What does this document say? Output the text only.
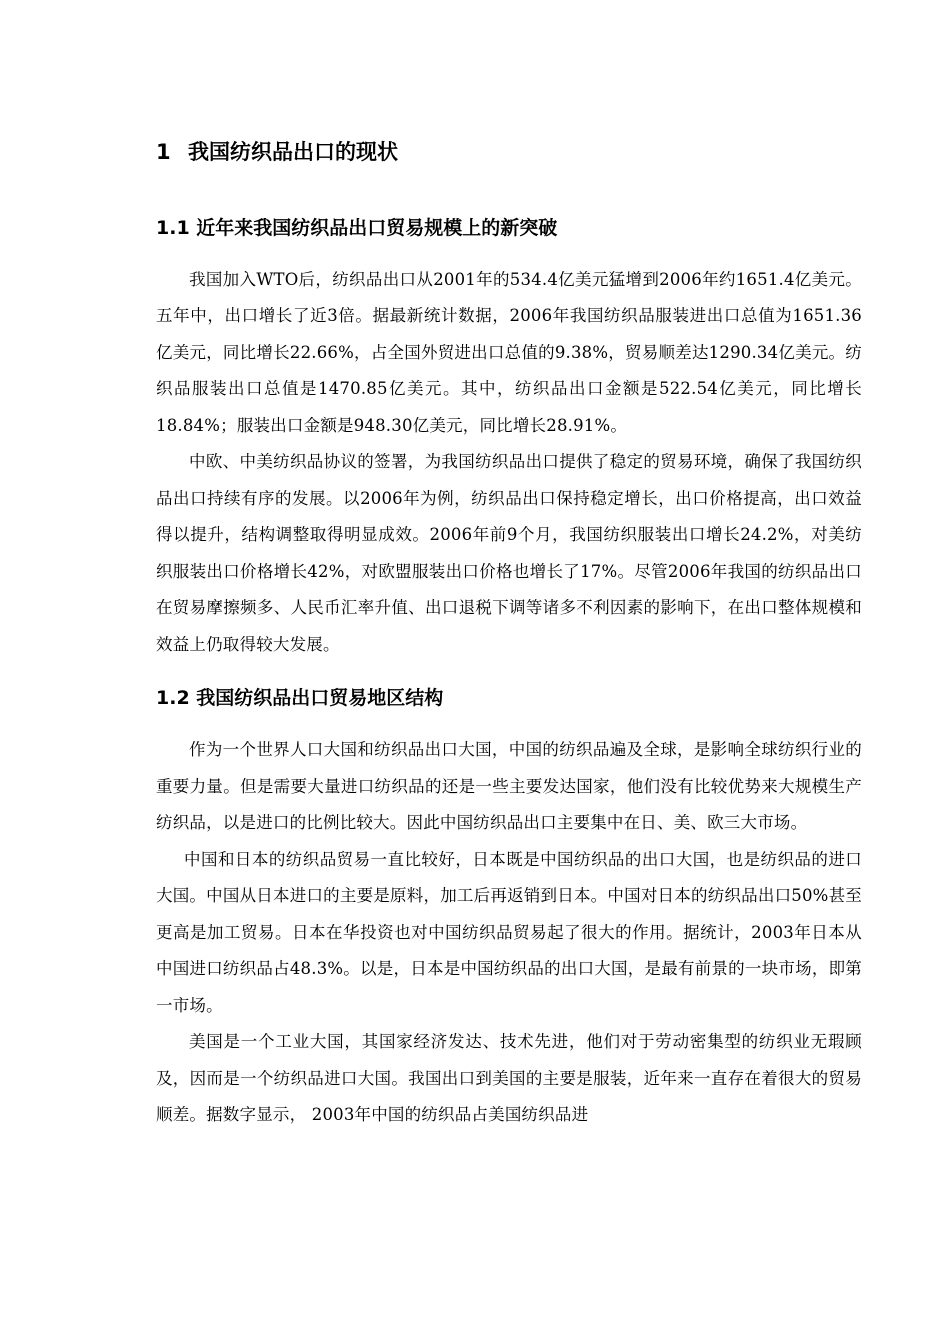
1 我国纺织品出口的现状
1.1 近年来我国纺织品出口贸易规模上的新突破

我国加入WTO后，纺织品出口从2001年的534.4亿美元猛增到2006年约1651.4亿美元。五年中，出口增长了近3倍。据最新统计数据，2006年我国纺织品服装进出口总值为1651.36亿美元，同比增长22.66%，占全国外贸进出口总值的9.38%，贸易顺差达1290.34亿美元。纺织品服装出口总值是1470.85亿美元。其中，纺织品出口金额是522.54亿美元，同比增长18.84%；服装出口金额是948.30亿美元，同比增长28.91%。

中欧、中美纺织品协议的签署，为我国纺织品出口提供了稳定的贸易环境，确保了我国纺织品出口持续有序的发展。以2006年为例，纺织品出口保持稳定增长，出口价格提高，出口效益得以提升，结构调整取得明显成效。2006年前9个月，我国纺织服装出口增长24.2%，对美纺织服装出口价格增长42%，对欧盟服装出口价格也增长了17%。尽管2006年我国的纺织品出口在贸易摩擦频多、人民币汇率升值、出口退税下调等诸多不利因素的影响下，在出口整体规模和效益上仍取得较大发展。

1.2 我国纺织品出口贸易地区结构

作为一个世界人口大国和纺织品出口大国，中国的纺织品遍及全球，是影响全球纺织行业的重要力量。但是需要大量进口纺织品的还是一些主要发达国家，他们没有比较优势来大规模生产纺织品，以是进口的比例比较大。因此中国纺织品出口主要集中在日、美、欧三大市场。

中国和日本的纺织品贸易一直比较好，日本既是中国纺织品的出口大国，也是纺织品的进口大国。中国从日本进口的主要是原料，加工后再返销到日本。中国对日本的纺织品出口50%甚至更高是加工贸易。日本在华投资也对中国纺织品贸易起了很大的作用。据统计，2003年日本从中国进口纺织品占48.3%。以是，日本是中国纺织品的出口大国，是最有前景的一块市场，即第一市场。

美国是一个工业大国，其国家经济发达、技术先进，他们对于劳动密集型的纺织业无瑕顾及，因而是一个纺织品进口大国。我国出口到美国的主要是服装，近年来一直存在着很大的贸易顺差。据数字显示， 2003年中国的纺织品占美国纺织品进
